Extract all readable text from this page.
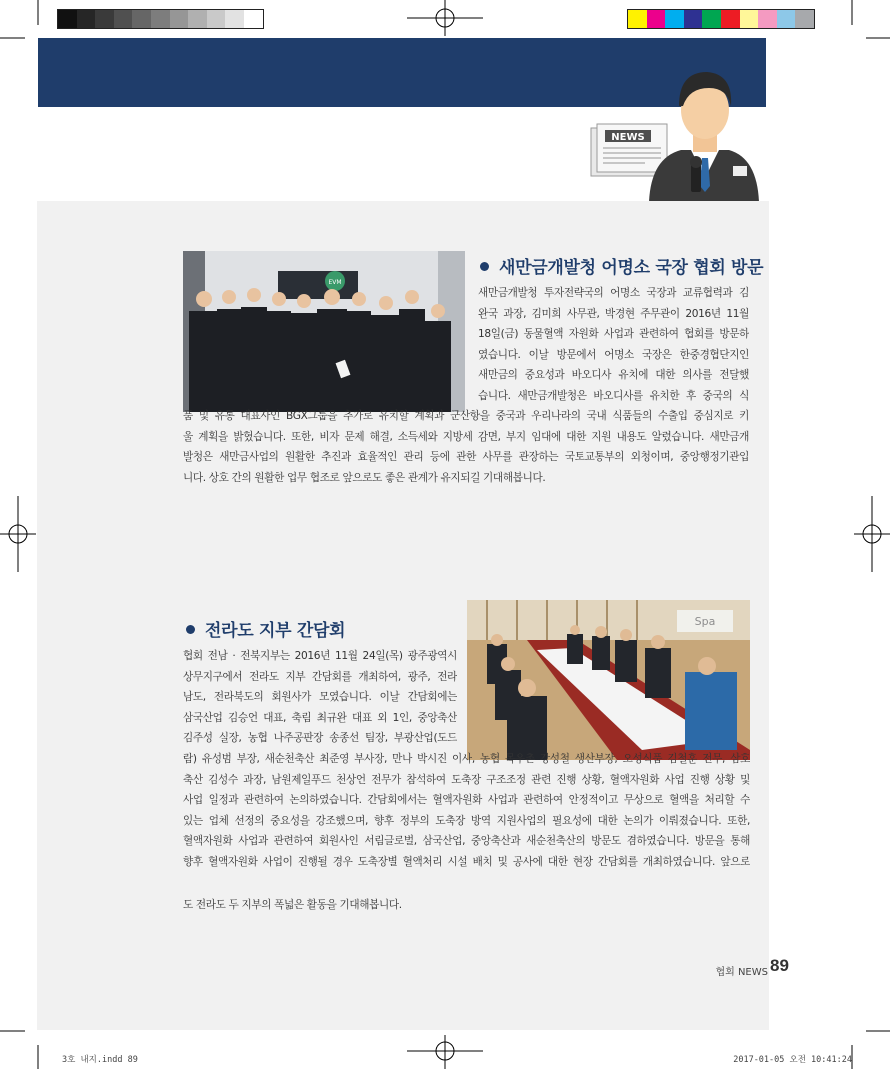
NEWS
EVM
새만금개발청 어명소 국장 협회 방문
새만금개발청 투자전략국의 어명소 국장과 교류협력과 김
완국 과장, 김미희 사무관, 박경현 주무관이 2016년 11월
18일(금) 동물혈액 자원화 사업과 관련하여 협회를 방문하
였습니다. 이날 방문에서 어명소 국장은 한중경협단지인
새만금의 중요성과 바오디사 유치에 대한 의사를 전달했
습니다. 새만금개발청은 바오디사를 유치한 후 중국의 식
품 및 유통 대표사인 BGX그룹을 추가로 유치할 계획과 군산항을 중국과 우리나라의 국내 식품들의 수출입 중심지로 키
울 계획을 밝혔습니다. 또한, 비자 문제 해결, 소득세와 지방세 감면, 부지 임대에 대한 지원 내용도 알렸습니다. 새만금개
발청은 새만금사업의 원활한 추진과 효율적인 관리 등에 관한 사무를 관장하는 국토교통부의 외청이며, 중앙행정기관입
니다. 상호 간의 원활한 업무 협조로 앞으로도 좋은 관계가 유지되길 기대해봅니다.
Spa
전라도 지부 간담회
협회 전남 · 전북지부는 2016년 11월 24일(목) 광주광역시
상무지구에서 전라도 지부 간담회를 개최하여, 광주, 전라
남도, 전라북도의 회원사가 모였습니다. 이날 간담회에는
삼국산업 김승언 대표, 축림 최규완 대표 외 1인, 중앙축산
김주성 실장, 농협 나주공판장 송종선 팀장, 부광산업(도드
람) 유성범 부장, 새순천축산 최준영 부사장, 만나 박시진 이사, 농협 목우촌 강성철 생산부장, 오성식품 김철훈 전무, 삼호
축산 김성수 과장, 남원제일푸드 천상언 전무가 참석하여 도축장 구조조정 관련 진행 상황, 혈액자원화 사업 진행 상황 및
사업 일정과 관련하여 논의하였습니다. 간담회에서는 혈액자원화 사업과 관련하여 안정적이고 무상으로 혈액을 처리할 수
있는 업체 선정의 중요성을 강조했으며, 향후 정부의 도축장 방역 지원사업의 필요성에 대한 논의가 이뤄졌습니다. 또한,
혈액자원화 사업과 관련하여 회원사인 서림글로벌, 삼국산업, 중앙축산과 새순천축산의 방문도 겸하였습니다. 방문을 통해
향후 혈액자원화 사업이 진행될 경우 도축장별 혈액처리 시설 배치 및 공사에 대한 현장 간담회를 개최하였습니다. 앞으로
도 전라도 두 지부의 폭넓은 활동을 기대해봅니다.
협회 NEWS 89
3호 내지.indd 89	2017-01-05 오전 10:41:24
